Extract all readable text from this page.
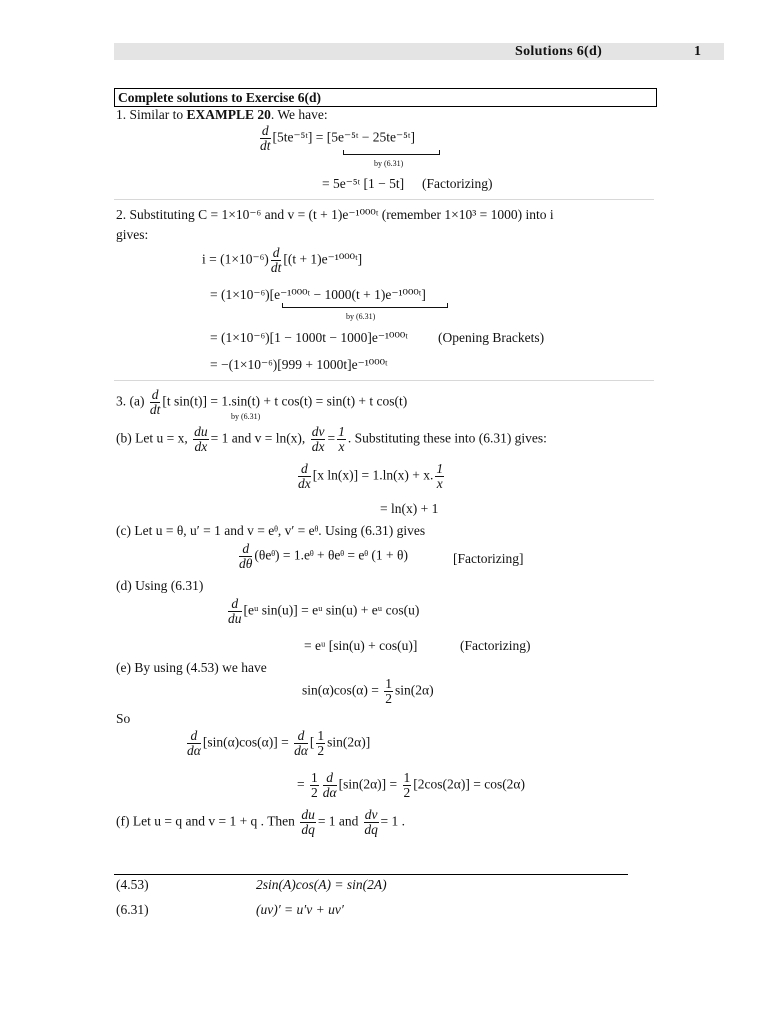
Solutions 6(d)	1
Complete solutions to Exercise 6(d)
1. Similar to EXAMPLE 20. We have:
$\frac{d}{dt}$ [5te⁻⁵ᵗ] = [5e⁻⁵ᵗ − 25te⁻⁵ᵗ]
by (6.31)
= 5e⁻⁵ᵗ [1 − 5t] (Factorizing)
2. Substituting C = 1×10⁻⁶ and v = (t + 1)e⁻¹⁰⁰⁰ᵗ (remember 1×10³ = 1000) into i
gives:
$i = (1\times 10^{-6}) \frac{d}{dt} [(t$ + 1)e⁻¹⁰⁰⁰ᵗ]
= (1×10⁻⁶)[e⁻¹⁰⁰⁰ᵗ − 1000(t + 1)e⁻¹⁰⁰⁰ᵗ]
by (6.31)
= (1×10⁻⁶)[1 − 1000t − 1000]e⁻¹⁰⁰⁰ᵗ (Opening Brackets)
= −(1×10⁻⁶)[999 + 1000t]e⁻¹⁰⁰⁰ᵗ
3. $(a) \frac{d}{dt} [t$ sin(t)] = 1.sin(t) + t cos(t) = sin(t) + t cos(t)
by (6.31)
(b) Let u = x, $\frac{du}{dx} = 1$ and v = ln(x), $\frac{dv}{dx} = \frac{1}{x}$ . Substituting these into (6.31) gives:
$\frac{d}{dx} [x$ ln(x)] = 1.ln(x) + x. $\frac{1}{x}$
= ln(x) + 1
(c) Let u = θ, u′ = 1 and v = eᶿ, v′ = eᶿ. Using (6.31) gives
$\frac{d}{d\theta}$ (θeᶿ) = 1.eᶿ + θeᶿ = eᶿ (1 + θ)	[Factorizing]
(d) Using (6.31)
$\frac{d}{du}$ [eᵘ sin(u)] = eᵘ sin(u) + eᵘ cos(u)
= eᵘ [sin(u) + cos(u)]	(Factorizing)
(e) By using (4.53) we have
$\sin(\alpha)\cos(\alpha) = \frac{1}{2} \sin(2\alpha)$
So
$\frac{d}{d\alpha} [\sin(\alpha)\cos(\alpha)] = \frac{d}{d\alpha}$ [ $\frac{1}{2} \sin(2\alpha)$]
= $\frac{1}{2} \frac{d}{d\alpha} [\sin(2\alpha)] = \frac{1}{2} [2\cos(2\alpha)] = \cos(2\alpha)$
(f) Let u = q and v = 1 + q . Then $\frac{du}{dq} = 1$ and $\frac{dv}{dq} = 1$ .
(4.53)	2sin(A)cos(A) = sin(2A)
(6.31)	(uv)′ = u′v + uv′
